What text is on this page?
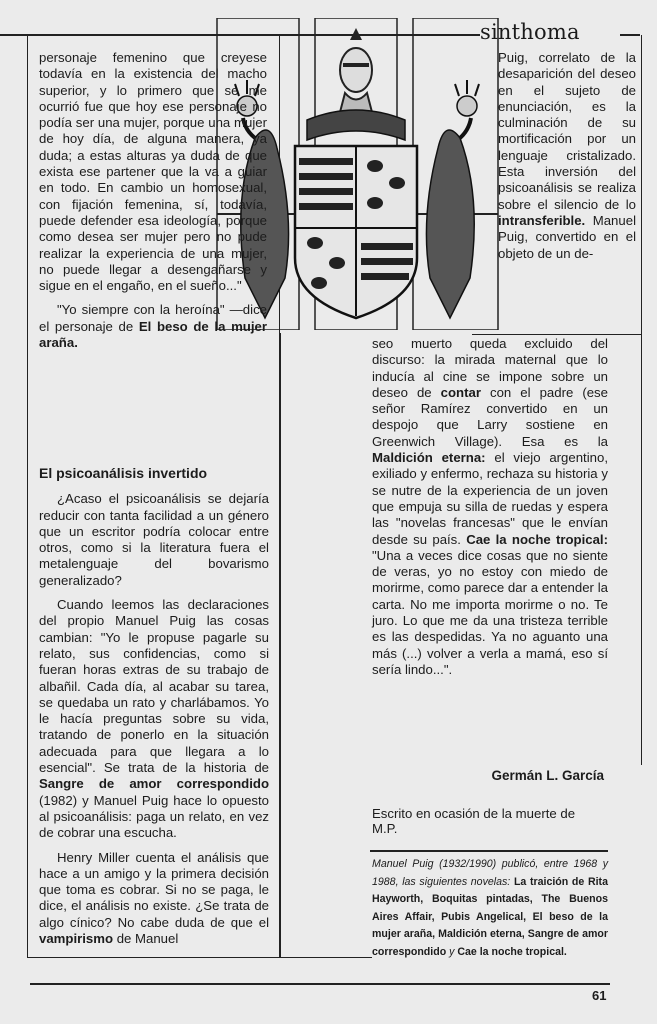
sinthoma

personaje femenino que creyese todavía en la existencia del macho superior, y lo primero que se me ocurrió fue que hoy ese personaje no podía ser una mujer, porque una mujer de hoy día, de alguna manera, ya duda; a estas alturas ya duda de que exista ese partener que la va a guiar en todo. En cambio un homosexual, con fijación femenina, sí, todavía, puede defender esa ideología, porque como desea ser mujer pero no pude realizar la experiencia de una mujer, no puede llegar a desengañarse y sigue en el engaño, en el sueño..."

"Yo siempre con la heroína" —dice el personaje de El beso de la mujer araña.

El psicoanálisis invertido

¿Acaso el psicoanálisis se dejaría reducir con tanta facilidad a un género que un escritor podría colocar entre otros, como si la literatura fuera el metalenguaje del bovarismo generalizado?

Cuando leemos las declaraciones del propio Manuel Puig las cosas cambian: "Yo le propuse pagarle su relato, sus confidencias, como si fueran horas extras de su trabajo de albañil. Cada día, al acabar su tarea, se quedaba un rato y charlábamos. Yo le hacía preguntas sobre su vida, tratando de ponerlo en la situación adecuada para que llegara a lo esencial". Se trata de la historia de Sangre de amor correspondido (1982) y Manuel Puig hace lo opuesto al psicoanálisis: paga un relato, en vez de cobrar una escucha.

Henry Miller cuenta el análisis que hace a un amigo y la primera decisión que toma es cobrar. Si no se paga, le dice, el análisis no existe. ¿Se trata de algo cínico? No cabe duda de que el vampirismo de Manuel

Puig, correlato de la desaparición del deseo en el sujeto de enunciación, es la culminación de su mortificación por un lenguaje cristalizado. Esta inversión del psicoanálisis se realiza sobre el silencio de lo intransferible. Manuel Puig, convertido en el objeto de un de-

seo muerto queda excluido del discurso: la mirada maternal que lo inducía al cine se impone sobre un deseo de contar con el padre (ese señor Ramírez convertido en un despojo que Larry sostiene en Greenwich Village). Esa es la Maldición eterna: el viejo argentino, exiliado y enfermo, rechaza su historia y se nutre de la experiencia de un joven que empuja su silla de ruedas y espera las "novelas francesas" que le envían desde su país. Cae la noche tropical: "Una a veces dice cosas que no siente de veras, yo no estoy con miedo de morirme, como parece dar a entender la carta. No me importa morirme o no. Te juro. Lo que me da una tristeza terrible es las despedidas. Ya no aguanto una más (...) volver a verla a mamá, eso sí sería lindo...".

Germán L. García
Escrito en ocasión de la muerte de M.P.
Manuel Puig (1932/1990) publicó, entre 1968 y 1988, las siguientes novelas: La traición de Rita Hayworth, Boquitas pintadas, The Buenos Aires Affair, Pubis Angelical, El beso de la mujer araña, Maldición eterna, Sangre de amor correspondido y Cae la noche tropical.
61
